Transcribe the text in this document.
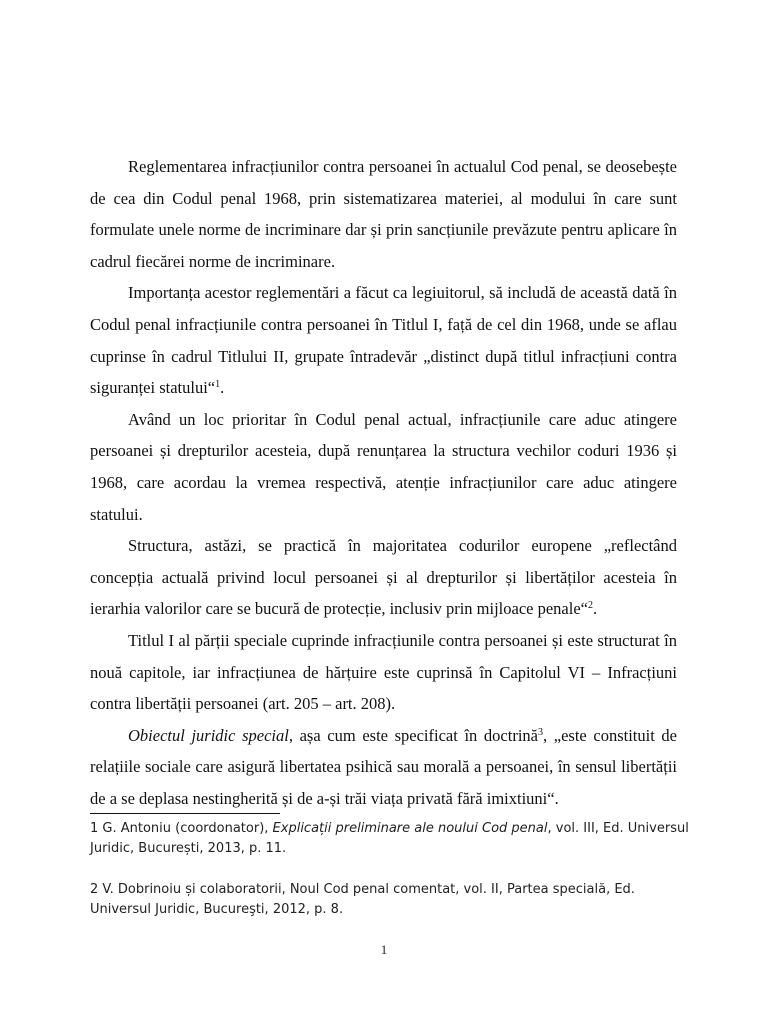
Reglementarea infracțiunilor contra persoanei în actualul Cod penal, se deosebește de cea din Codul penal 1968, prin sistematizarea materiei, al modului în care sunt formulate unele norme de incriminare dar și prin sancțiunile prevăzute pentru aplicare în cadrul fiecărei norme de incriminare.

Importanța acestor reglementări a făcut ca legiuitorul, să includă de această dată în Codul penal infracțiunile contra persoanei în Titlul I, față de cel din 1968, unde se aflau cuprinse în cadrul Titlului II, grupate întradevăr „distinct după titlul infracțiuni contra siguranței statului“$^1$.

Având un loc prioritar în Codul penal actual, infracțiunile care aduc atingere persoanei și drepturilor acesteia, după renunțarea la structura vechilor coduri 1936 și 1968, care acordau la vremea respectivă, atenție infracțiunilor care aduc atingere statului.

Structura, astăzi, se practică în majoritatea codurilor europene „reflectând concepția actuală privind locul persoanei și al drepturilor și libertăților acesteia în ierarhia valorilor care se bucură de protecție, inclusiv prin mijloace penale“$^2$.

Titlul I al părții speciale cuprinde infracțiunile contra persoanei și este structurat în nouă capitole, iar infracțiunea de hărțuire este cuprinsă în Capitolul VI – Infracțiuni contra libertății persoanei (art. 205 – art. 208).

Obiectul juridic special, așa cum este specificat în doctrină$^3$, „este constituit de relațiile sociale care asigură libertatea psihică sau morală a persoanei, în sensul libertății de a se deplasa nestingherită și de a-și trăi viața privată fără imixtiuni“.

1 G. Antoniu (coordonator), Explicații preliminare ale noului Cod penal, vol. III, Ed. Universul Juridic, București, 2013, p. 11.
2 V. Dobrinoiu și colaboratorii, Noul Cod penal comentat, vol. II, Partea specială, Ed. Universul Juridic, Bucureşti, 2012, p. 8.
1
